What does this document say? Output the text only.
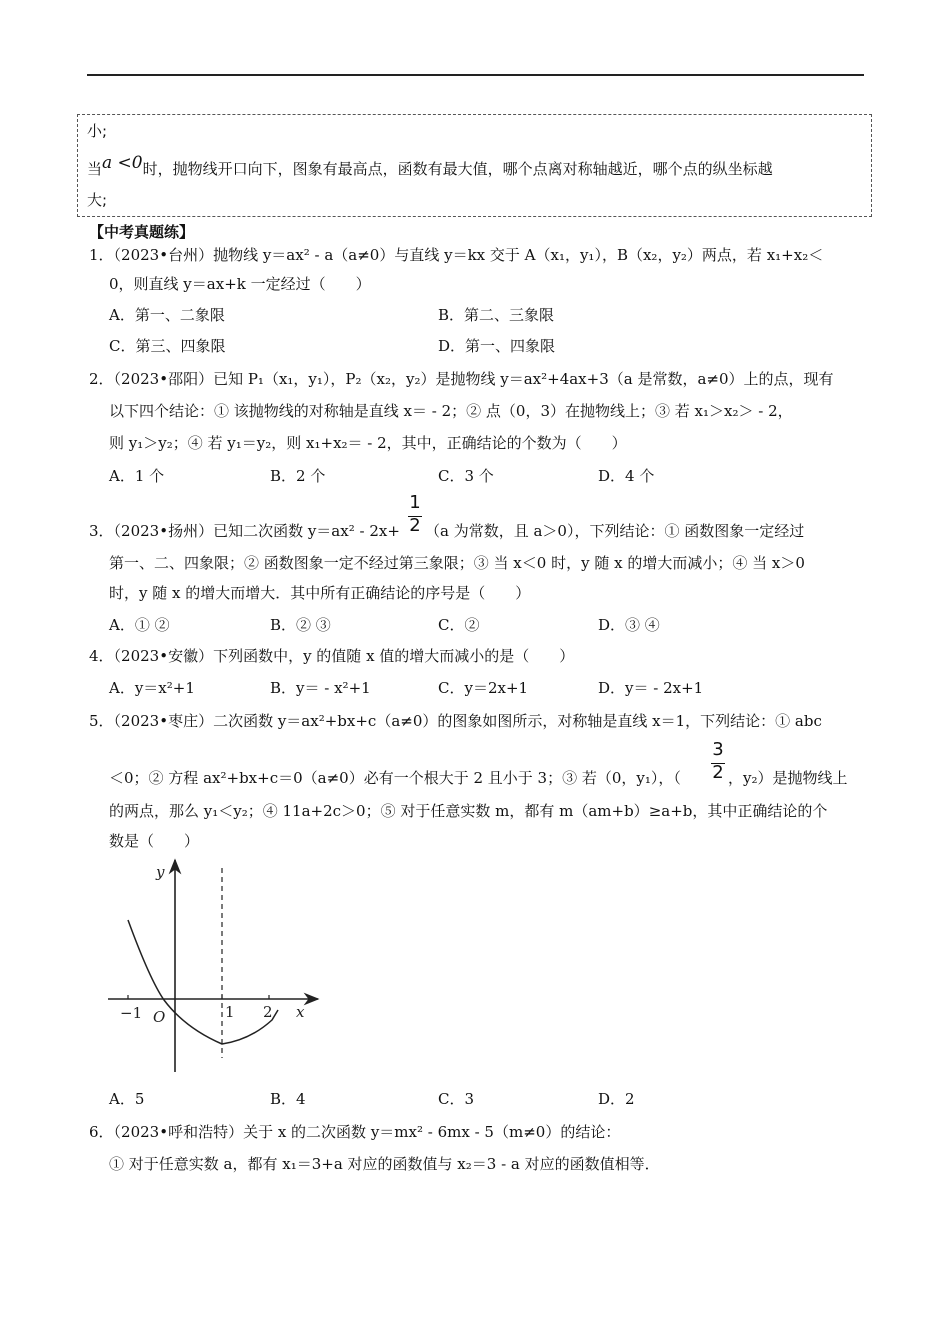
小;
当a <0时，抛物线开口向下，图象有最高点，函数有最大值，哪个点离对称轴越近，哪个点的纵坐标越
大;
【中考真题练】
1．（2023•台州）抛物线 y＝ax² - a（a≠0）与直线 y＝kx 交于 A（x₁，y₁），B（x₂，y₂）两点，若 x₁+x₂＜
0，则直线 y＝ax+k 一定经过（　　）
A．第一、二象限	B．第二、三象限
C．第三、四象限	D．第一、四象限
2．（2023•邵阳）已知 P₁（x₁，y₁），P₂（x₂，y₂）是抛物线 y＝ax²+4ax+3（a 是常数，a≠0）上的点，现有
以下四个结论：① 该抛物线的对称轴是直线 x＝ - 2；② 点（0，3）在抛物线上；③ 若 x₁＞x₂＞ - 2，
则 y₁＞y₂；④ 若 y₁＝y₂，则 x₁+x₂＝ - 2，其中，正确结论的个数为（　　）
A．1 个	B．2 个	C．3 个	D．4 个
3．（2023•扬州）已知二次函数 y＝ax² - 2x+
1
2 （a 为常数，且 a＞0），下列结论：① 函数图象一定经过
第一、二、四象限；② 函数图象一定不经过第三象限；③ 当 x＜0 时，y 随 x 的增大而减小；④ 当 x＞0
时，y 随 x 的增大而增大．其中所有正确结论的序号是（　　）
A．① ②	B．② ③	C．②	D．③ ④
4．（2023•安徽）下列函数中，y 的值随 x 值的增大而减小的是（　　）
A．y＝x²+1	B．y＝ - x²+1	C．y＝2x+1	D．y＝ - 2x+1
5．（2023•枣庄）二次函数 y＝ax²+bx+c（a≠0）的图象如图所示，对称轴是直线 x＝1，下列结论：① abc
＜0；② 方程 ax²+bx+c＝0（a≠0）必有一个根大于 2 且小于 3；③ 若（0，y₁），（
3
2 ，y₂）是抛物线上
的两点，那么 y₁＜y₂；④ 11a+2c＞0；⑤ 对于任意实数 m，都有 m（am+b）≥a+b，其中正确结论的个
数是（　　）
y
x
O
−1	1 2
A．5	B．4	C．3	D．2
6．（2023•呼和浩特）关于 x 的二次函数 y＝mx² - 6mx - 5（m≠0）的结论：
① 对于任意实数 a，都有 x₁＝3+a 对应的函数值与 x₂＝3 - a 对应的函数值相等．
